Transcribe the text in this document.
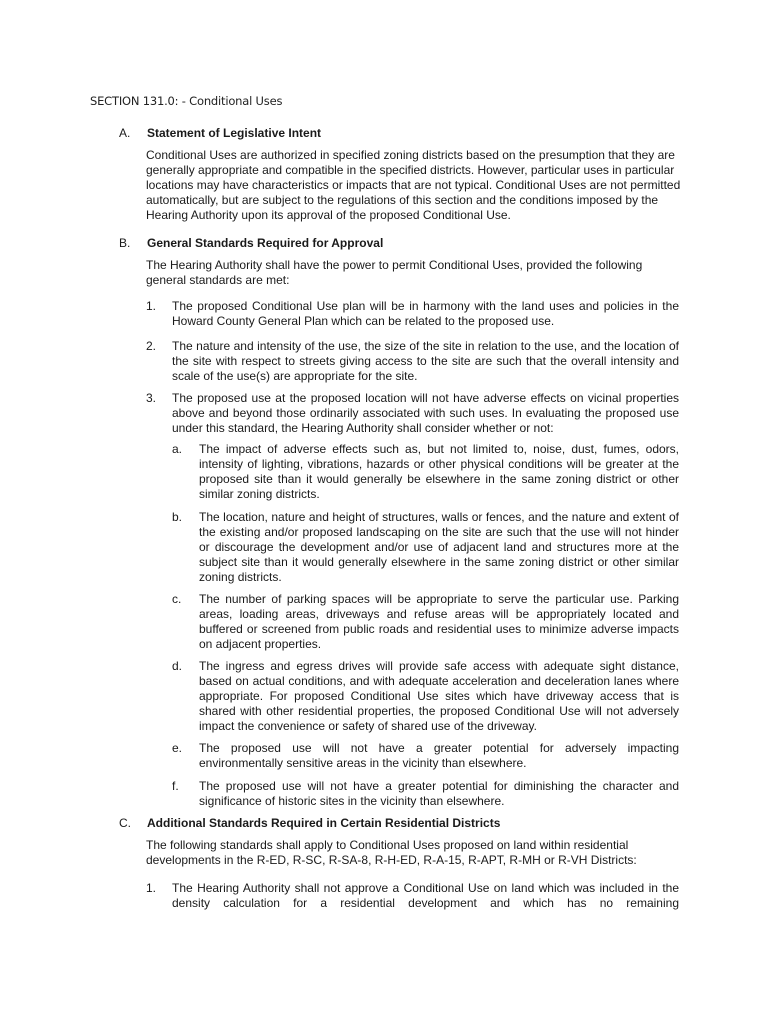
SECTION 131.0: - Conditional Uses
A. Statement of Legislative Intent
Conditional Uses are authorized in specified zoning districts based on the presumption that they are generally appropriate and compatible in the specified districts. However, particular uses in particular locations may have characteristics or impacts that are not typical. Conditional Uses are not permitted automatically, but are subject to the regulations of this section and the conditions imposed by the Hearing Authority upon its approval of the proposed Conditional Use.
B. General Standards Required for Approval
The Hearing Authority shall have the power to permit Conditional Uses, provided the following general standards are met:
1. The proposed Conditional Use plan will be in harmony with the land uses and policies in the Howard County General Plan which can be related to the proposed use.
2. The nature and intensity of the use, the size of the site in relation to the use, and the location of the site with respect to streets giving access to the site are such that the overall intensity and scale of the use(s) are appropriate for the site.
3. The proposed use at the proposed location will not have adverse effects on vicinal properties above and beyond those ordinarily associated with such uses. In evaluating the proposed use under this standard, the Hearing Authority shall consider whether or not:
a. The impact of adverse effects such as, but not limited to, noise, dust, fumes, odors, intensity of lighting, vibrations, hazards or other physical conditions will be greater at the proposed site than it would generally be elsewhere in the same zoning district or other similar zoning districts.
b. The location, nature and height of structures, walls or fences, and the nature and extent of the existing and/or proposed landscaping on the site are such that the use will not hinder or discourage the development and/or use of adjacent land and structures more at the subject site than it would generally elsewhere in the same zoning district or other similar zoning districts.
c. The number of parking spaces will be appropriate to serve the particular use. Parking areas, loading areas, driveways and refuse areas will be appropriately located and buffered or screened from public roads and residential uses to minimize adverse impacts on adjacent properties.
d. The ingress and egress drives will provide safe access with adequate sight distance, based on actual conditions, and with adequate acceleration and deceleration lanes where appropriate. For proposed Conditional Use sites which have driveway access that is shared with other residential properties, the proposed Conditional Use will not adversely impact the convenience or safety of shared use of the driveway.
e. The proposed use will not have a greater potential for adversely impacting environmentally sensitive areas in the vicinity than elsewhere.
f. The proposed use will not have a greater potential for diminishing the character and significance of historic sites in the vicinity than elsewhere.
C. Additional Standards Required in Certain Residential Districts
The following standards shall apply to Conditional Uses proposed on land within residential developments in the R-ED, R-SC, R-SA-8, R-H-ED, R-A-15, R-APT, R-MH or R-VH Districts:
1. The Hearing Authority shall not approve a Conditional Use on land which was included in the density calculation for a residential development and which has no remaining
